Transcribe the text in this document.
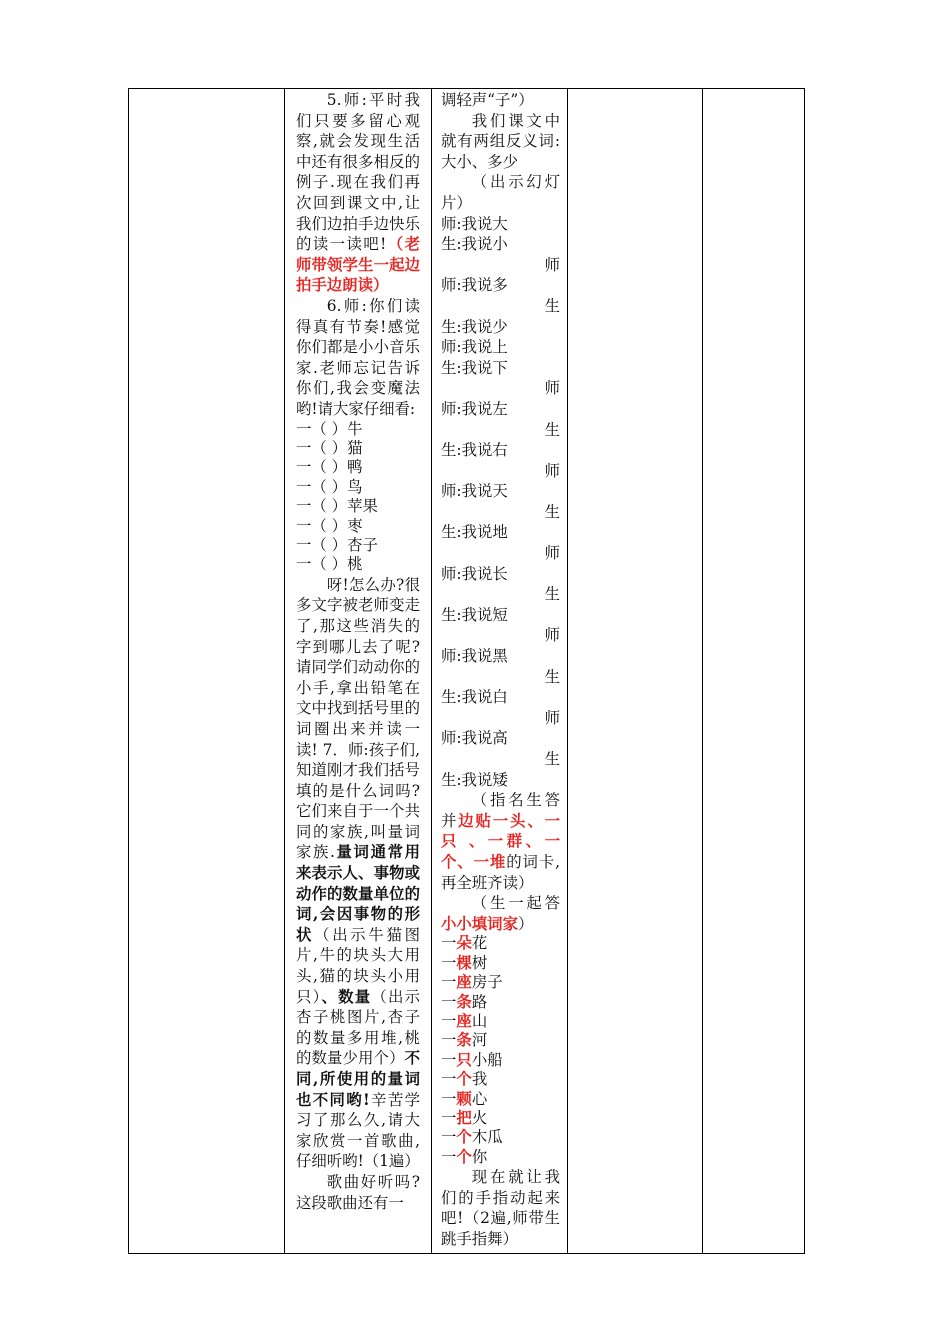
5.师:平时我们只要多留心观察,就会发现生活中还有很多相反的例子.现在我们再次回到课文中,让我们边拍手边快乐的读一读吧!（老师带领学生一起边拍手边朗读）

6.师:你们读得真有节奏!感觉你们都是小小音乐家.老师忘记告诉你们,我会变魔法哟!请大家仔细看:

一（ ）牛

一（ ）猫

一（ ）鸭

一（ ）鸟

一（ ）苹果

一（ ）枣

一（ ）杏子

一（ ）桃

呀!怎么办?很多文字被老师变走了,那这些消失的字到哪儿去了呢?请同学们动动你的小手,拿出铅笔在文中找到括号里的词圈出来并读一读! 7．师:孩子们,知道刚才我们括号填的是什么词吗?它们来自于一个共同的家族,叫量词家族.量词通常用来表示人、事物或动作的数量单位的词,会因事物的形状（出示牛猫图片,牛的块头大用头,猫的块头小用只）、数量（出示杏子桃图片,杏子的数量多用堆,桃的数量少用个）不同,所使用的量词也不同哟!辛苦学习了那么久,请大家欣赏一首歌曲,仔细听哟!（1遍）

歌曲好听吗?这段歌曲还有一

调轻声“子”）

我们课文中就有两组反义词:大小、多少

（出示幻灯片）

师:我说大

生:我说小

师

师:我说多

生

生:我说少

师:我说上

生:我说下

师

师:我说左

生

生:我说右

师

师:我说天

生

生:我说地

师

师:我说长

生

生:我说短

师

师:我说黑

生

生:我说白

师

师:我说高

生

生:我说矮

（指名生答并边贴一头、一只 、一群、一个、一堆的词卡,再全班齐读）

（生一起答小小填词家）

一朵花

一棵树

一座房子

一条路

一座山

一条河

一只小船

一个我

一颗心

一把火

一个木瓜

一个你

现在就让我们的手指动起来吧!（2遍,师带生跳手指舞）
